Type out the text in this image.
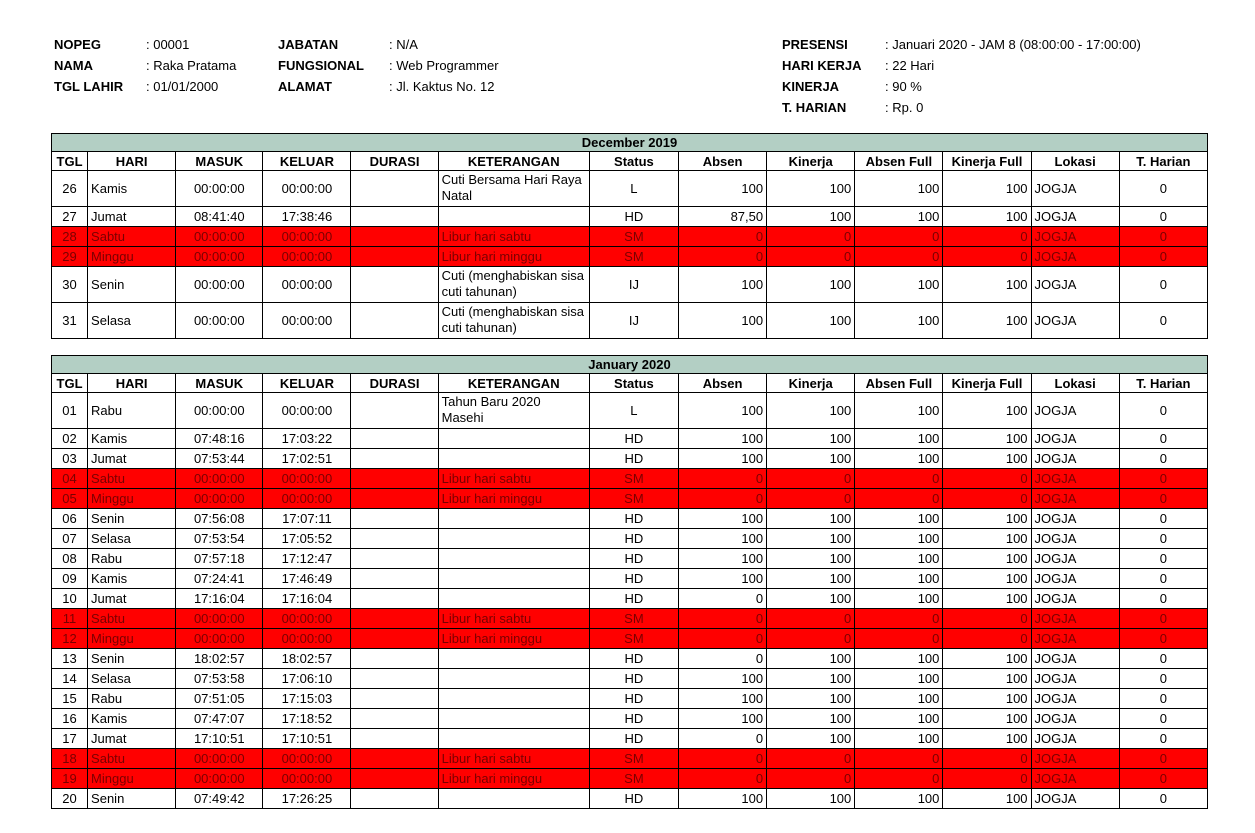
NOPEG	: 00001
NAMA	: Raka Pratama
TGL LAHIR : 01/01/2000
JABATAN	: N/A
FUNGSIONAL : Web Programmer
ALAMAT	: Jl. Kaktus No. 12
PRESENSI	: Januari 2020 - JAM 8 (08:00:00 - 17:00:00)
HARI KERJA : 22 Hari
KINERJA	: 90 %
T. HARIAN	: Rp. 0
December 2019												
TGL	HARI	MASUK	KELUAR	DURASI	KETERANGAN	Status	Absen	Kinerja	Absen Full	Kinerja Full	Lokasi	T. Harian
26	Kamis	00:00:00	00:00:00		Cuti Bersama Hari Raya Natal	L	100	100	100	100	JOGJA	0
27	Jumat	08:41:40	17:38:46			HD	87,50	100	100	100	JOGJA	0
28	Sabtu	00:00:00	00:00:00		Libur hari sabtu	SM	0	0	0	0	JOGJA	0
29	Minggu	00:00:00	00:00:00		Libur hari minggu	SM	0	0	0	0	JOGJA	0
30	Senin	00:00:00	00:00:00		Cuti (menghabiskan sisa cuti tahunan)	IJ	100	100	100	100	JOGJA	0
31	Selasa	00:00:00	00:00:00		Cuti (menghabiskan sisa cuti tahunan)	IJ	100	100	100	100	JOGJA	0
January 2020												
TGL	HARI	MASUK	KELUAR	DURASI	KETERANGAN	Status	Absen	Kinerja	Absen Full	Kinerja Full	Lokasi	T. Harian
01	Rabu	00:00:00	00:00:00		Tahun Baru 2020 Masehi	L	100	100	100	100	JOGJA	0
02	Kamis	07:48:16	17:03:22			HD	100	100	100	100	JOGJA	0
03	Jumat	07:53:44	17:02:51			HD	100	100	100	100	JOGJA	0
04	Sabtu	00:00:00	00:00:00		Libur hari sabtu	SM	0	0	0	0	JOGJA	0
05	Minggu	00:00:00	00:00:00		Libur hari minggu	SM	0	0	0	0	JOGJA	0
06	Senin	07:56:08	17:07:11			HD	100	100	100	100	JOGJA	0
07	Selasa	07:53:54	17:05:52			HD	100	100	100	100	JOGJA	0
08	Rabu	07:57:18	17:12:47			HD	100	100	100	100	JOGJA	0
09	Kamis	07:24:41	17:46:49			HD	100	100	100	100	JOGJA	0
10	Jumat	17:16:04	17:16:04			HD	0	100	100	100	JOGJA	0
11	Sabtu	00:00:00	00:00:00		Libur hari sabtu	SM	0	0	0	0	JOGJA	0
12	Minggu	00:00:00	00:00:00		Libur hari minggu	SM	0	0	0	0	JOGJA	0
13	Senin	18:02:57	18:02:57			HD	0	100	100	100	JOGJA	0
14	Selasa	07:53:58	17:06:10			HD	100	100	100	100	JOGJA	0
15	Rabu	07:51:05	17:15:03			HD	100	100	100	100	JOGJA	0
16	Kamis	07:47:07	17:18:52			HD	100	100	100	100	JOGJA	0
17	Jumat	17:10:51	17:10:51			HD	0	100	100	100	JOGJA	0
18	Sabtu	00:00:00	00:00:00		Libur hari sabtu	SM	0	0	0	0	JOGJA	0
19	Minggu	00:00:00	00:00:00		Libur hari minggu	SM	0	0	0	0	JOGJA	0
20	Senin	07:49:42	17:26:25			HD	100	100	100	100	JOGJA	0
